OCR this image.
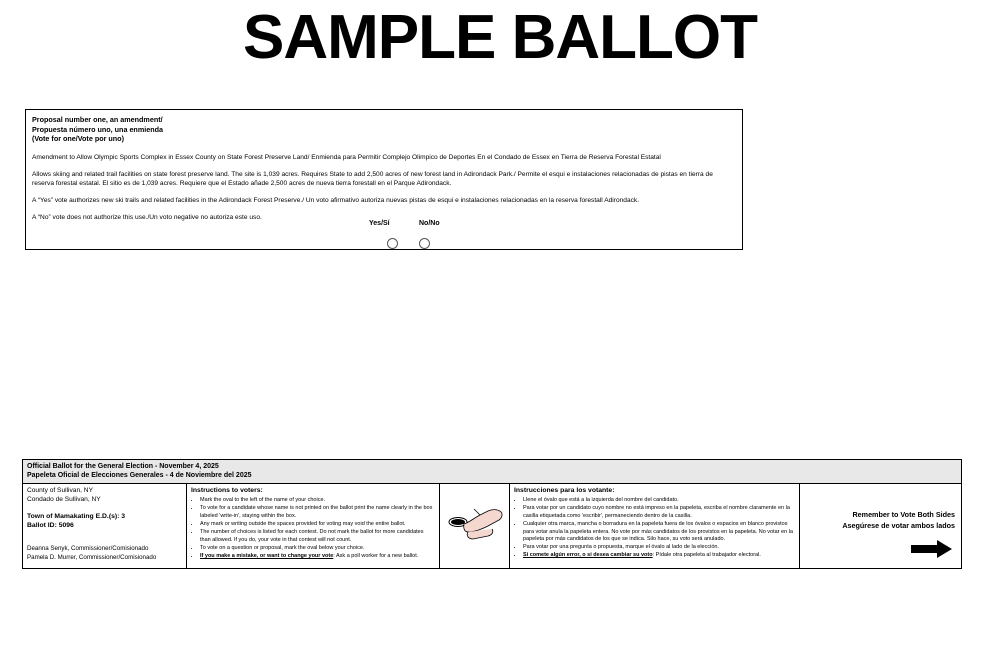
SAMPLE BALLOT
Proposal number one, an amendment/
Propuesta número uno, una enmienda
(Vote for one/Vote por uno)
Amendment to Allow Olympic Sports Complex in Essex County on State Forest Preserve Land/ Enmienda para Permitir Complejo Olimpico de Deportes En el Condado de Essex en Tierra de Reserva Forestal Estatal
Allows skiing and related trail facilities on state forest preserve land. The site is 1,039 acres. Requires State to add 2,500 acres of new forest land in Adirondack Park./ Permite el esqui e instalaciones relacionadas de pistas en tierra de reserva forestal estatal. El sitio es de 1,039 acres. Requiere que el Estado añade 2,500 acres de nueva tierra forestall en el Parque Adirondack.
A “Yes” vote authorizes new ski trails and related facilities in the Adirondack Forest Preserve./ Un voto afirmativo autoriza nuevas pistas de esqui e instalaciones relacionadas en la reserva forestall Adirondack.
A “No” vote does not authorize this use./Un voto negative no autoriza este uso.
Yes/Sí	No/No
Official Ballot for the General Election - November 4, 2025
Papeleta Oficial de Elecciones Generales - 4 de Noviembre del 2025
County of Sullivan, NY
Condado de Sullivan, NY
Town of Mamakating E.D.(s): 3
Ballot ID: 5096
Deanna Senyk, Commissioner/Comisionado
Pamela D. Murrer, Commissioner/Comisionado
Instructions to voters:
• Mark the oval to the left of the name of your choice.
• To vote for a candidate whose name is not printed on the ballot print the name clearly in the box labeled 'write-in', staying within the box.
• Any mark or writing outside the spaces provided for voting may void the entire ballot.
• The number of choices is listed for each contest. Do not mark the ballot for more candidates than allowed. If you do, your vote in that contest will not count.
• To vote on a question or proposal, mark the oval below your choice.
• If you make a mistake, or want to change your vote: Ask a poll worker for a new ballot.
Instrucciones para los votante:
• Llene el óvalo que está a la izquierda del nombre del candidato.
• Para votar por un candidato cuyo nombre no está impreso en la papeleta, escriba el nombre claramente en la casilla etiquetada como 'escribir', permaneciendo dentro de la casilla.
• Cualquier otra marca, mancha o borradura en la papeleta fuera de los óvalos o espacios en blanco provistos para votar anula la papeleta entera. No vote por más candidatos de los provistos en la papeleta. No votar en la papeleta por más candidatos de los que se indica. Silo hace, su voto será anulado.
• Para votar por una pregunta o propuesta, marque el óvalo al lado de la elección.
• Si comete algún error, o si desea cambiar su voto: Pídale otra papeleta al trabajador electoral.
Remember to Vote Both Sides
Asegúrese de votar ambos lados
